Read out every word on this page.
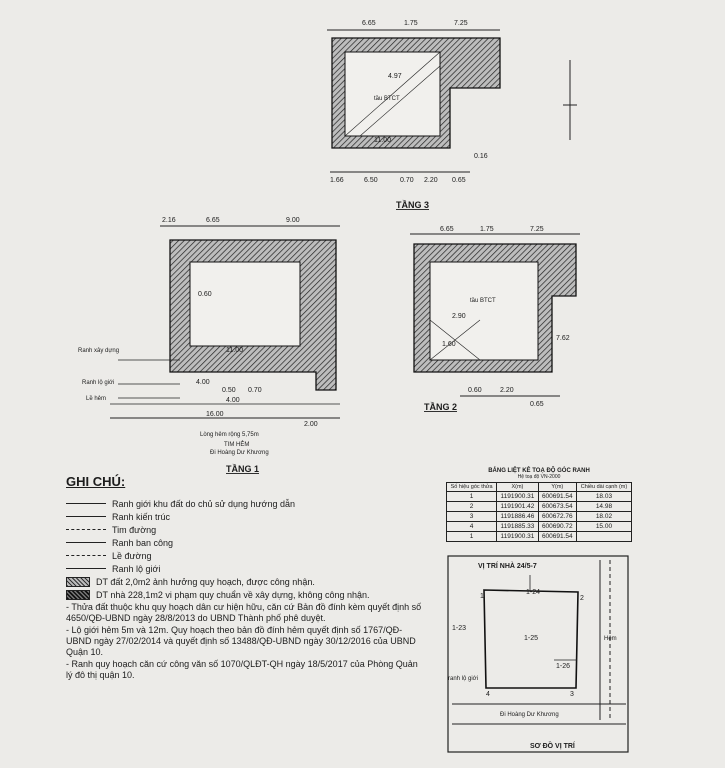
6.65	1.75	7.25
tầu BTCT
11.00
4.97
0.16
1.66	6.50	0.70 2.20 0.65
TẦNG 3
2.16	6.65	9.00
11.00
0.60
4.00
Ranh xây dựng
Ranh lộ giới
Lề hẻm	4.00
0.50 0.70
2.00
16.00
Lòng hẻm rộng 5,75m
TIM HẺM
Đi Hoàng Dư Khương
TẦNG 1
6.65	1.75	7.25
tầu BTCT
2.90
1.60
7.62
0.60	2.20
0.65
TẦNG 2
VỊ TRÍ NHÀ 24/5-7
1-24
1-23
1-25
1-26
1	2
3
4
ranh lộ giới
Đi Hoàng Dư Khương
Hẻm
SƠ ĐỒ VỊ TRÍ
GHI CHÚ:
Ranh giới khu đất do chủ sử dụng hướng dẫn
Ranh kiến trúc
Tim đường
Ranh ban công
Lề đường
Ranh lộ giới
DT đất 2,0m2 ảnh hưởng quy hoạch, được công nhận.
DT nhà 228,1m2 vi phạm quy chuẩn về xây dựng, không công nhận.

- Thửa đất thuộc khu quy hoạch dân cư hiện hữu, căn cứ Bản đồ đính kèm quyết định số 4650/QĐ-UBND ngày 28/8/2013 do UBND Thành phố phê duyệt.

- Lộ giới hẻm 5m và 12m. Quy hoạch theo bản đồ đính hẻm quyết định số 1767/QĐ-UBND ngày 27/02/2014 và quyết định số 13488/QĐ-UBND ngày 30/12/2016 của UBND Quận 10.

- Ranh quy hoạch căn cứ công văn số 1070/QLĐT-QH ngày 18/5/2017 của Phòng Quản lý đô thị quận 10.

BẢNG LIỆT KÊ TOẠ ĐỘ GÓC RANH
Hệ toạ độ VN-2000
Số hiệu góc thửa	X(m)	Y(m)	Chiều dài cạnh (m)
1	1191900.31	600691.54	18.03
2	1191901.42	600673.54	14.98
3	1191886.46	600672.76	18.02
4	1191885.33	600690.72	15.00
1	1191900.31	600691.54	
